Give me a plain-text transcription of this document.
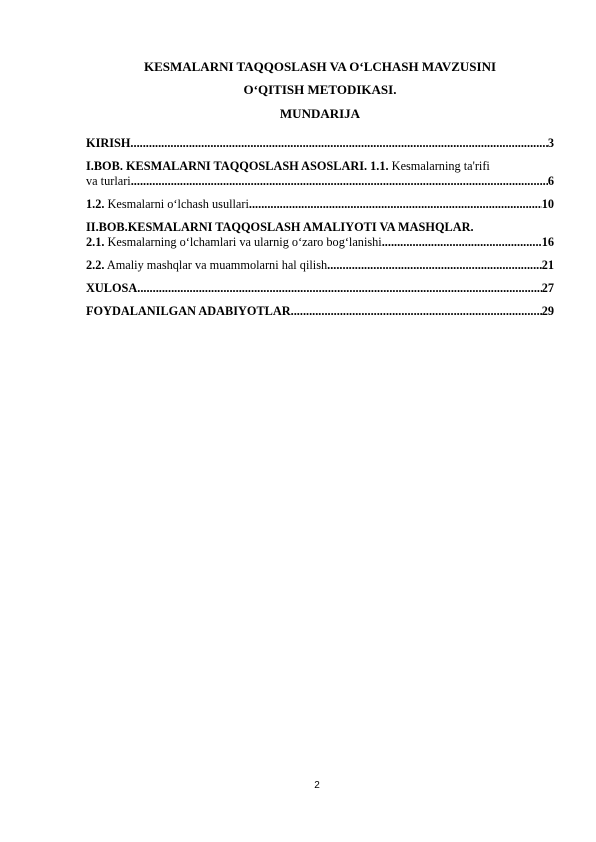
KESMALARNI TAQQOSLASH VA O‘LCHASH MAVZUSINI
O‘QITISH METODIKASI.
MUNDARIJA
KIRISH .....	3
I.BOB. KESMALARNI TAQQOSLASH ASOSLARI. 1.1. Kesmalarning ta'rifi
va turlari .....	6
1.2. Kesmalarni o‘lchash usullari .....	10
II.BOB.KESMALARNI TAQQOSLASH AMALIYOTI VA MASHQLAR.
2.1. Kesmalarning o‘lchamlari va ularnig o‘zaro bog‘lanishi .....	16
2.2. Amaliy mashqlar va muammolarni hal qilish .....	21
XULOSA .....	27
FOYDALANILGAN ADABIYOTLAR .....	29
2
